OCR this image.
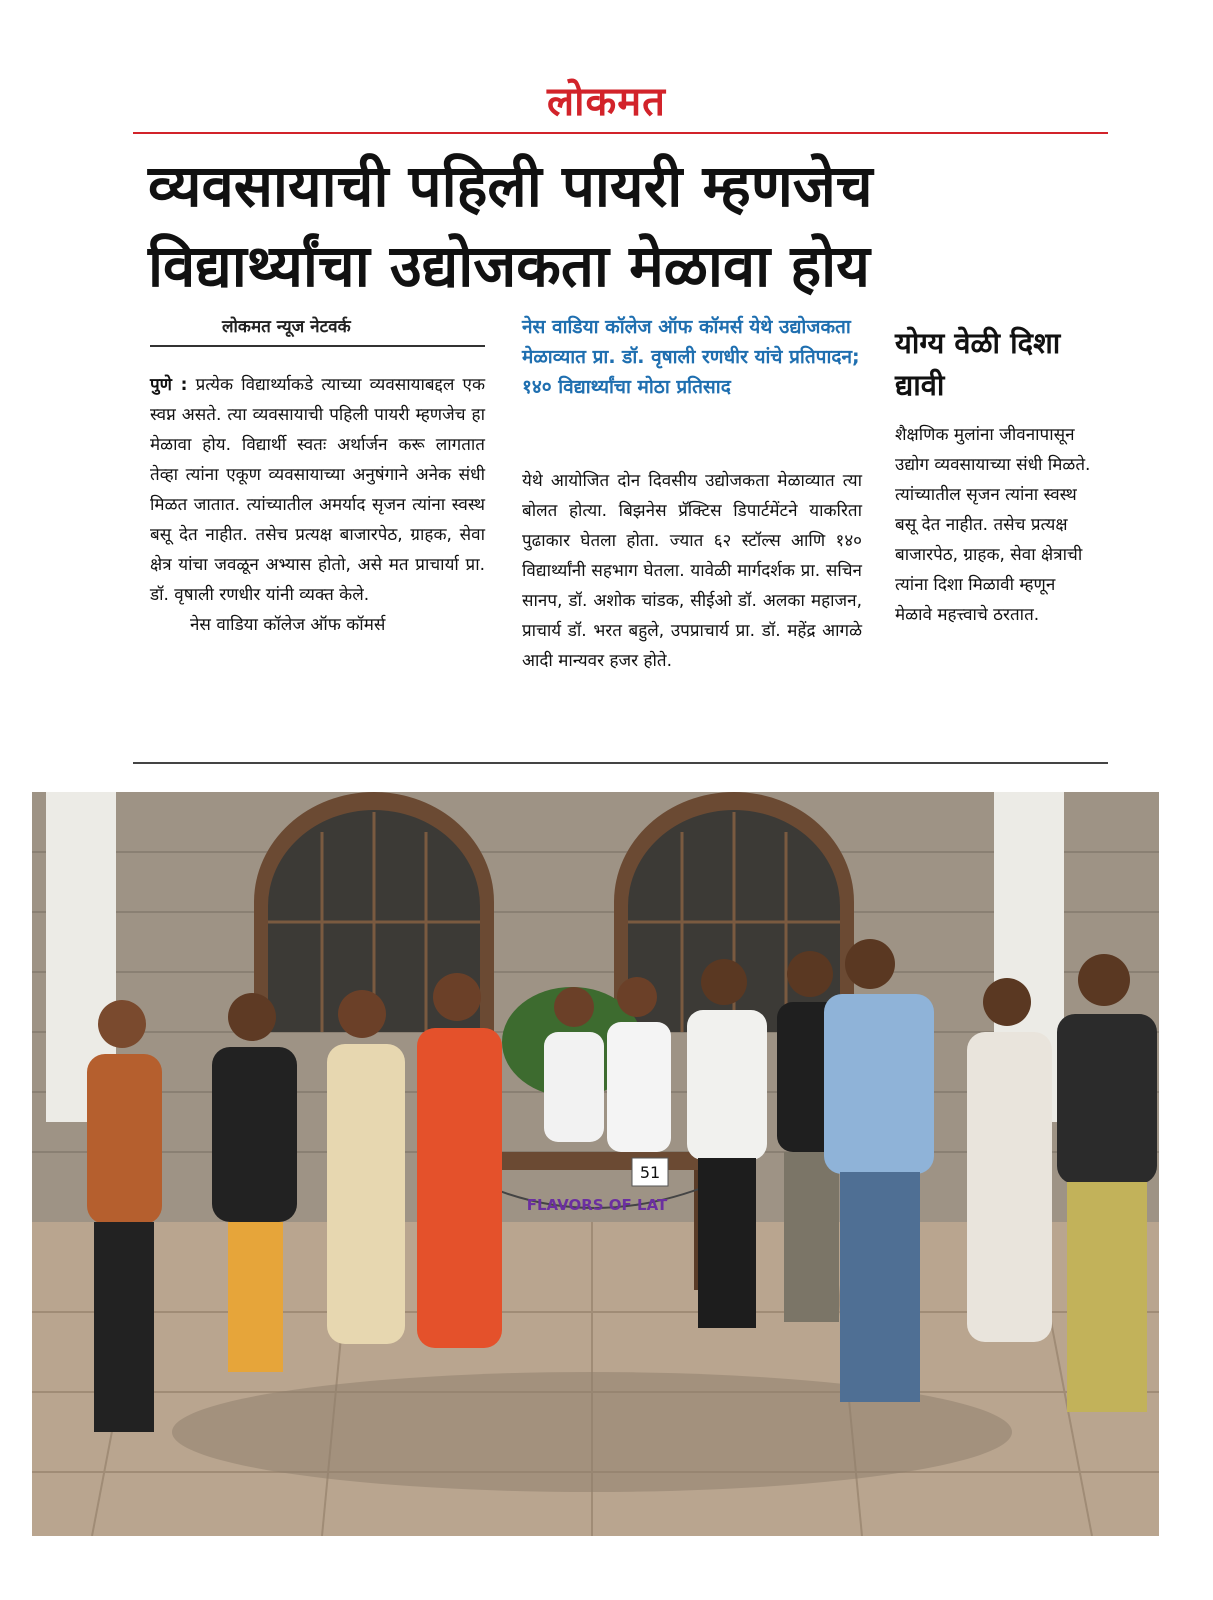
लोकमत
व्यवसायाची पहिली पायरी म्हणजेच
विद्यार्थ्यांचा उद्योजकता मेळावा होय
लोकमत न्यूज नेटवर्क
पुणे : प्रत्येक विद्यार्थ्याकडे त्याच्या व्यवसायाबद्दल एक स्वप्न असते. त्या व्यवसायाची पहिली पायरी म्हणजेच हा मेळावा होय. विद्यार्थी स्वतः अर्थार्जन करू लागतात तेव्हा त्यांना एकूण व्यवसायाच्या अनुषंगाने अनेक संधी मिळत जातात. त्यांच्यातील अमर्याद सृजन त्यांना स्वस्थ बसू देत नाहीत. तसेच प्रत्यक्ष बाजारपेठ, ग्राहक, सेवा क्षेत्र यांचा जवळून अभ्यास होतो, असे मत प्राचार्या प्रा. डॉ. वृषाली रणधीर यांनी व्यक्त केले.
नेस वाडिया कॉलेज ऑफ कॉमर्स
नेस वाडिया कॉलेज ऑफ कॉमर्स येथे उद्योजकता मेळाव्यात प्रा. डॉ. वृषाली रणधीर यांचे प्रतिपादन; १४० विद्यार्थ्यांचा मोठा प्रतिसाद
येथे आयोजित दोन दिवसीय उद्योजकता मेळाव्यात त्या बोलत होत्या. बिझनेस प्रॅक्टिस डिपार्टमेंटने याकरिता पुढाकार घेतला होता. ज्यात ६२ स्टॉल्स आणि १४० विद्यार्थ्यांनी सहभाग घेतला. यावेळी मार्गदर्शक प्रा. सचिन सानप, डॉ. अशोक चांडक, सीईओ डॉ. अलका महाजन, प्राचार्य डॉ. भरत बहुले, उपप्राचार्य प्रा. डॉ. महेंद्र आगळे आदी मान्यवर हजर होते.
योग्य वेळी दिशा द्यावी
शैक्षणिक मुलांना जीवनापासून उद्योग व्यवसायाच्या संधी मिळते. त्यांच्यातील सृजन त्यांना स्वस्थ बसू देत नाहीत. तसेच प्रत्यक्ष बाजारपेठ, ग्राहक, सेवा क्षेत्राची त्यांना दिशा मिळावी म्हणून मेळावे महत्त्वाचे ठरतात.
51
FLAVORS OF LAT
